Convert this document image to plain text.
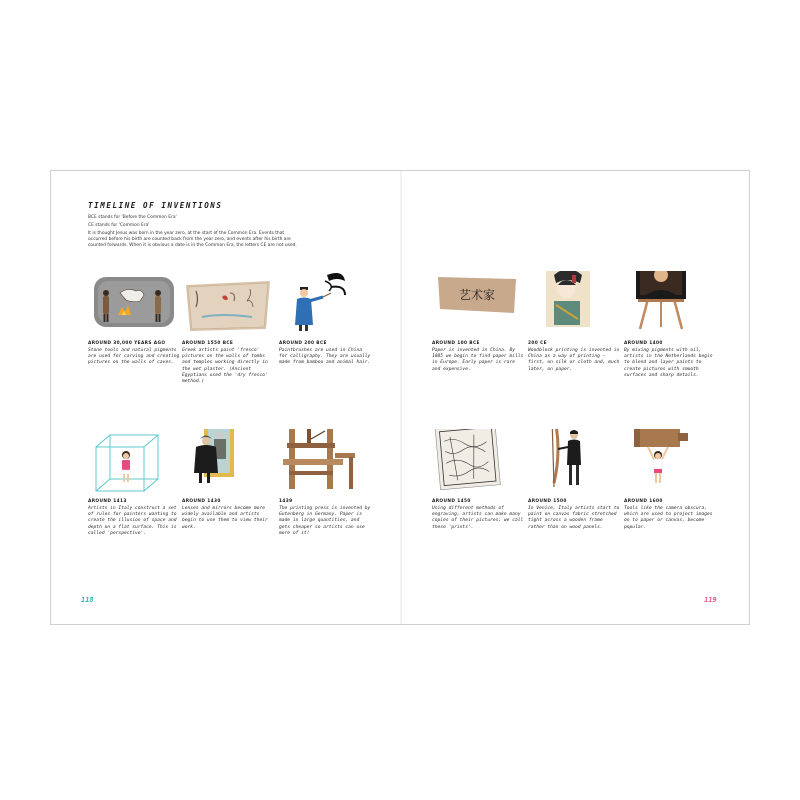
TIMELINE OF INVENTIONS

BCE stands for 'Before the Common Era'

CE stands for 'Common Era'

It is thought Jesus was born in the year zero, at the start of the Common Era. Events that occurred before his birth are counted back from the year zero, and events after his birth are counted forwards. When it is obvious a date is in the Common Era, the letters CE are not used.

AROUND 30,000 YEARS AGO
Stone tools and natural pigments are used for carving and creating pictures on the walls of caves.
AROUND 1550 BCE
Greek artists paint 'fresco' pictures on the walls of tombs and temples working directly in the wet plaster. (Ancient Egyptians used the 'dry fresco' method.)
AROUND 200 BCE
Paintbrushes are used in China for calligraphy. They are usually made from bamboo and animal hair.
AROUND 1413
Artists in Italy construct a set of rules for painters wanting to create the illusion of space and depth on a flat surface. This is called 'perspective'.
AROUND 1430
Lenses and mirrors become more widely available and artists begin to use them to view their work.
1439
The printing press is invented by Gutenberg in Germany. Paper is made in large quantities, and gets cheaper so artists can use more of it!
118
艺术家
AROUND 100 BCE
Paper is invented in China. By 1085 we begin to find paper mills in Europe. Early paper is rare and expensive.
200 CE
Woodblock printing is invented in China as a way of printing – first, on silk or cloth and, much later, on paper.
AROUND 1400
By mixing pigments with oil, artists in the Netherlands begin to blend and layer paints to create pictures with smooth surfaces and sharp details.
AROUND 1450
Using different methods of engraving, artists can make many copies of their pictures; we call these 'prints'.
AROUND 1500
In Venice, Italy artists start to paint on canvas fabric stretched tight across a wooden frame rather than on wood panels.
AROUND 1600
Tools like the camera obscura, which are used to project images on to paper or canvas, become popular.
119
